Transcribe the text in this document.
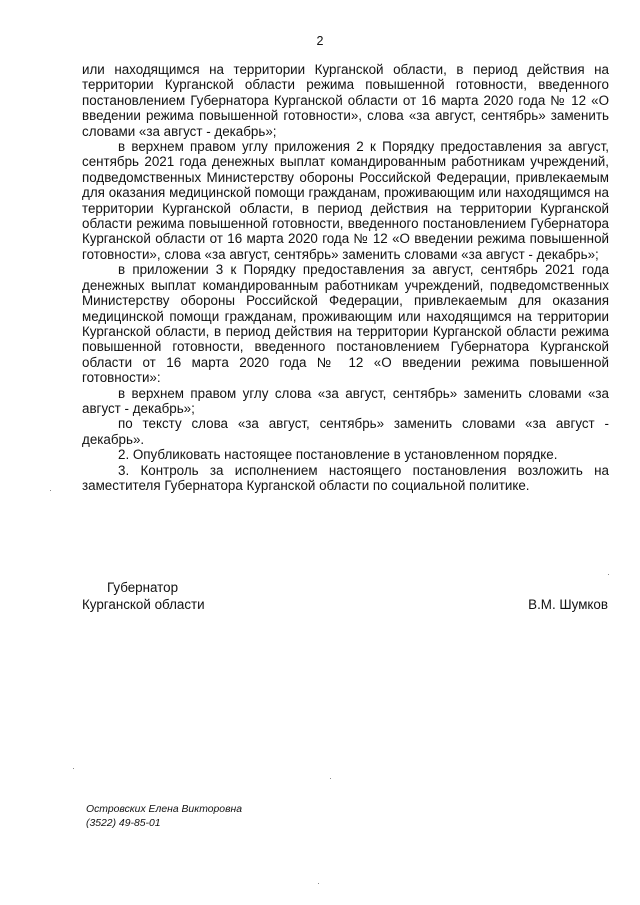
2

или находящимся на территории Курганской области, в период действия на территории Курганской области режима повышенной готовности, введенного постановлением Губернатора Курганской области от 16 марта 2020 года № 12 «О введении режима повышенной готовности», слова «за август, сентябрь» заменить словами «за август - декабрь»;

в верхнем правом углу приложения 2 к Порядку предоставления за август, сентябрь 2021 года денежных выплат командированным работникам учреждений, подведомственных Министерству обороны Российской Федерации, привлекаемым для оказания медицинской помощи гражданам, проживающим или находящимся на территории Курганской области, в период действия на территории Курганской области режима повышенной готовности, введенного постановлением Губернатора Курганской области от 16 марта 2020 года № 12 «О введении режима повышенной готовности», слова «за август, сентябрь» заменить словами «за август - декабрь»;

в приложении 3 к Порядку предоставления за август, сентябрь 2021 года денежных выплат командированным работникам учреждений, подведомственных Министерству обороны Российской Федерации, привлекаемым для оказания медицинской помощи гражданам, проживающим или находящимся на территории Курганской области, в период действия на территории Курганской области режима повышенной готовности, введенного постановлением Губернатора Курганской области от 16 марта 2020 года № 12 «О введении режима повышенной готовности»:

в верхнем правом углу слова «за август, сентябрь» заменить словами «за август - декабрь»;

по тексту слова «за август, сентябрь» заменить словами «за август - декабрь».

2. Опубликовать настоящее постановление в установленном порядке.

3. Контроль за исполнением настоящего постановления возложить на заместителя Губернатора Курганской области по социальной политике.

Губернатор
Курганской области	В.М. Шумков
Островских Елена Викторовна
(3522) 49-85-01
